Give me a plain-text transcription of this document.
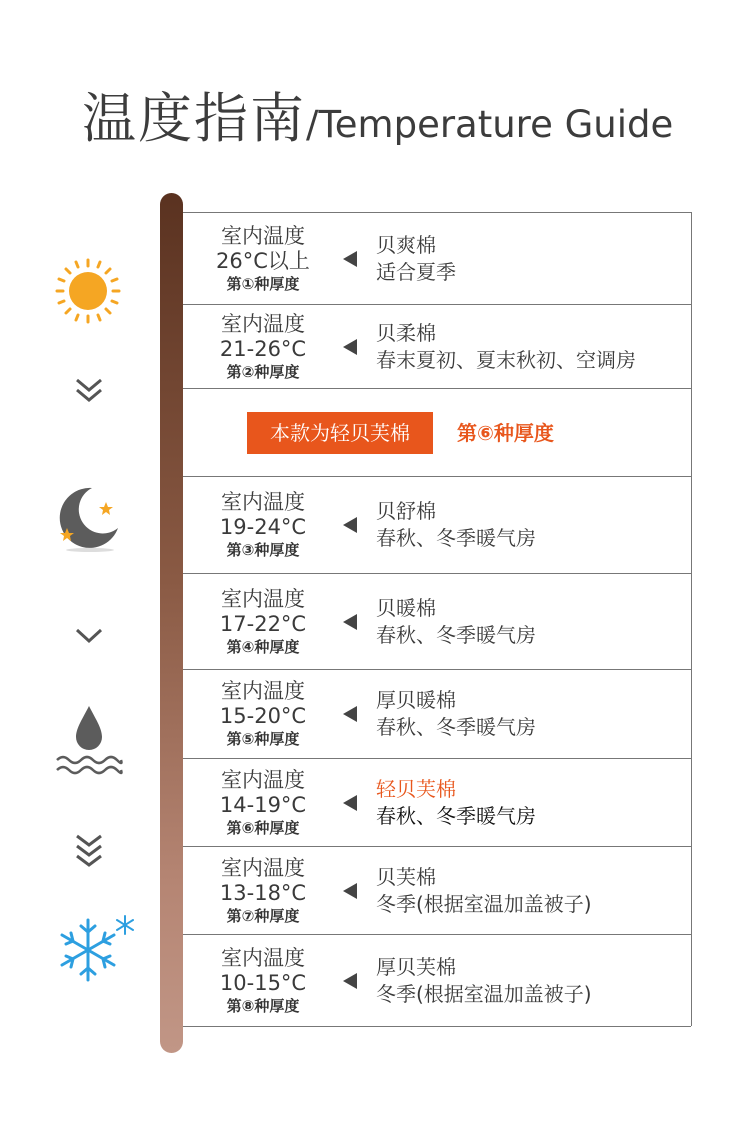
温度指南/Temperature Guide
室内温度
26°C以上
第①种厚度
贝爽棉
适合夏季
室内温度
21-26°C
第②种厚度
贝柔棉
春末夏初、夏末秋初、空调房
本款为轻贝芙棉	第⑥种厚度
室内温度
19-24°C
第③种厚度
贝舒棉
春秋、冬季暖气房
室内温度
17-22°C
第④种厚度
贝暖棉
春秋、冬季暖气房
室内温度
15-20°C
第⑤种厚度
厚贝暖棉
春秋、冬季暖气房
室内温度
14-19°C
第⑥种厚度
轻贝芙棉
春秋、冬季暖气房
室内温度
13-18°C
第⑦种厚度
贝芙棉
冬季(根据室温加盖被子)
室内温度
10-15°C
第⑧种厚度
厚贝芙棉
冬季(根据室温加盖被子)
